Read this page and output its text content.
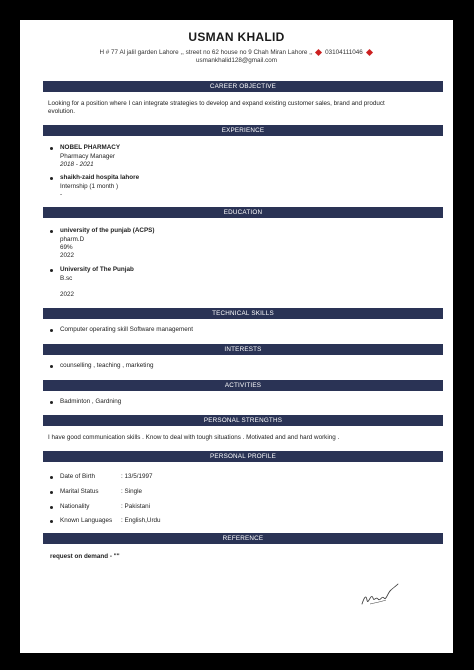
USMAN KHALID
H # 77 Al jalil garden Lahore ,, street no 62 house no 9 Chah Miran Lahore ,, 03104111046
usmankhalid128@gmail.com
CAREER OBJECTIVE
Looking for a position where I can integrate strategies to develop and expand existing customer sales, brand and product
evolution.
EXPERIENCE
NOBEL PHARMACY
Pharmacy Manager
2018 - 2021
shaikh-zaid hospita lahore
Internship (1 month )
-
EDUCATION
university of the punjab (ACPS)
pharm.D
69%
2022
University of The Punjab
B.sc
2022
TECHNICAL SKILLS
Computer operating skill Software management
INTERESTS
counselling , teaching , marketing
ACTIVITIES
Badminton , Gardning
PERSONAL STRENGTHS
I have good communication skills . Know to deal with tough situations . Motivated and and hard working .
PERSONAL PROFILE
Date of Birth	: 13/5/1997
Marital Status	: Single
Nationality	: Pakistani
Known Languages : English,Urdu
REFERENCE
request on demand - ""
